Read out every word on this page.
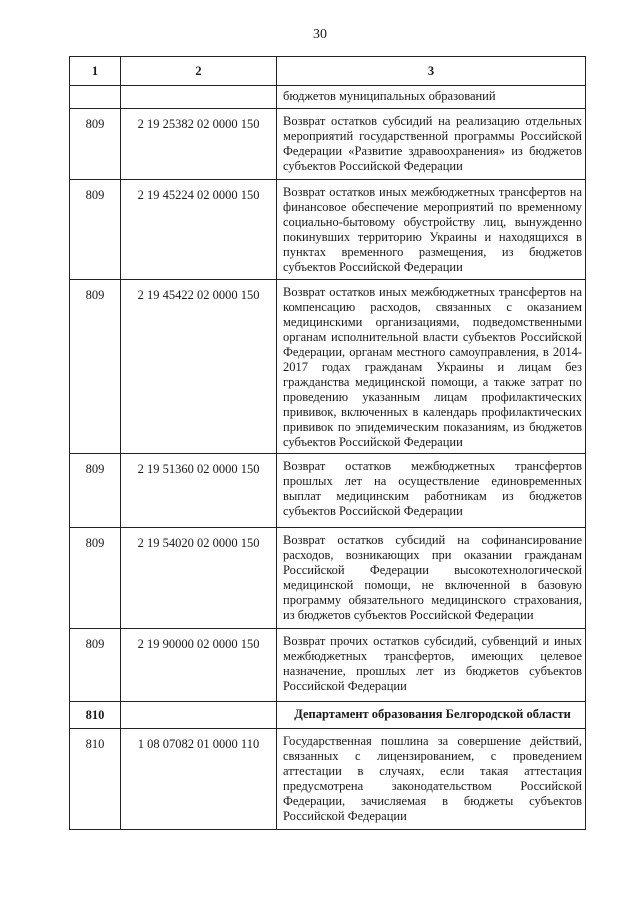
30
1	2	3
		бюджетов муниципальных образований
809	2 19 25382 02 0000 150	Возврат остатков субсидий на реализацию отдельных мероприятий государственной программы Российской Федерации «Развитие здравоохранения» из бюджетов субъектов Российской Федерации
809	2 19 45224 02 0000 150	Возврат остатков иных межбюджетных трансфертов на финансовое обеспечение мероприятий по временному социально-бытовому обустройству лиц, вынужденно покинувших территорию Украины и находящихся в пунктах временного размещения, из бюджетов субъектов Российской Федерации
809	2 19 45422 02 0000 150	Возврат остатков иных межбюджетных трансфертов на компенсацию расходов, связанных с оказанием медицинскими организациями, подведомственными органам исполнительной власти субъектов Российской Федерации, органам местного самоуправления, в 2014-2017 годах гражданам Украины и лицам без гражданства медицинской помощи, а также затрат по проведению указанным лицам профилактических прививок, включенных в календарь профилактических прививок по эпидемическим показаниям, из бюджетов субъектов Российской Федерации
809	2 19 51360 02 0000 150	Возврат остатков межбюджетных трансфертов прошлых лет на осуществление единовременных выплат медицинским работникам из бюджетов субъектов Российской Федерации
809	2 19 54020 02 0000 150	Возврат остатков субсидий на софинансирование расходов, возникающих при оказании гражданам Российской Федерации высокотехнологической медицинской помощи, не включенной в базовую программу обязательного медицинского страхования, из бюджетов субъектов Российской Федерации
809	2 19 90000 02 0000 150	Возврат прочих остатков субсидий, субвенций и иных межбюджетных трансфертов, имеющих целевое назначение, прошлых лет из бюджетов субъектов Российской Федерации
810		Департамент образования Белгородской области
810	1 08 07082 01 0000 110	Государственная пошлина за совершение действий, связанных с лицензированием, с проведением аттестации в случаях, если такая аттестация предусмотрена законодательством Российской Федерации, зачисляемая в бюджеты субъектов Российской Федерации
